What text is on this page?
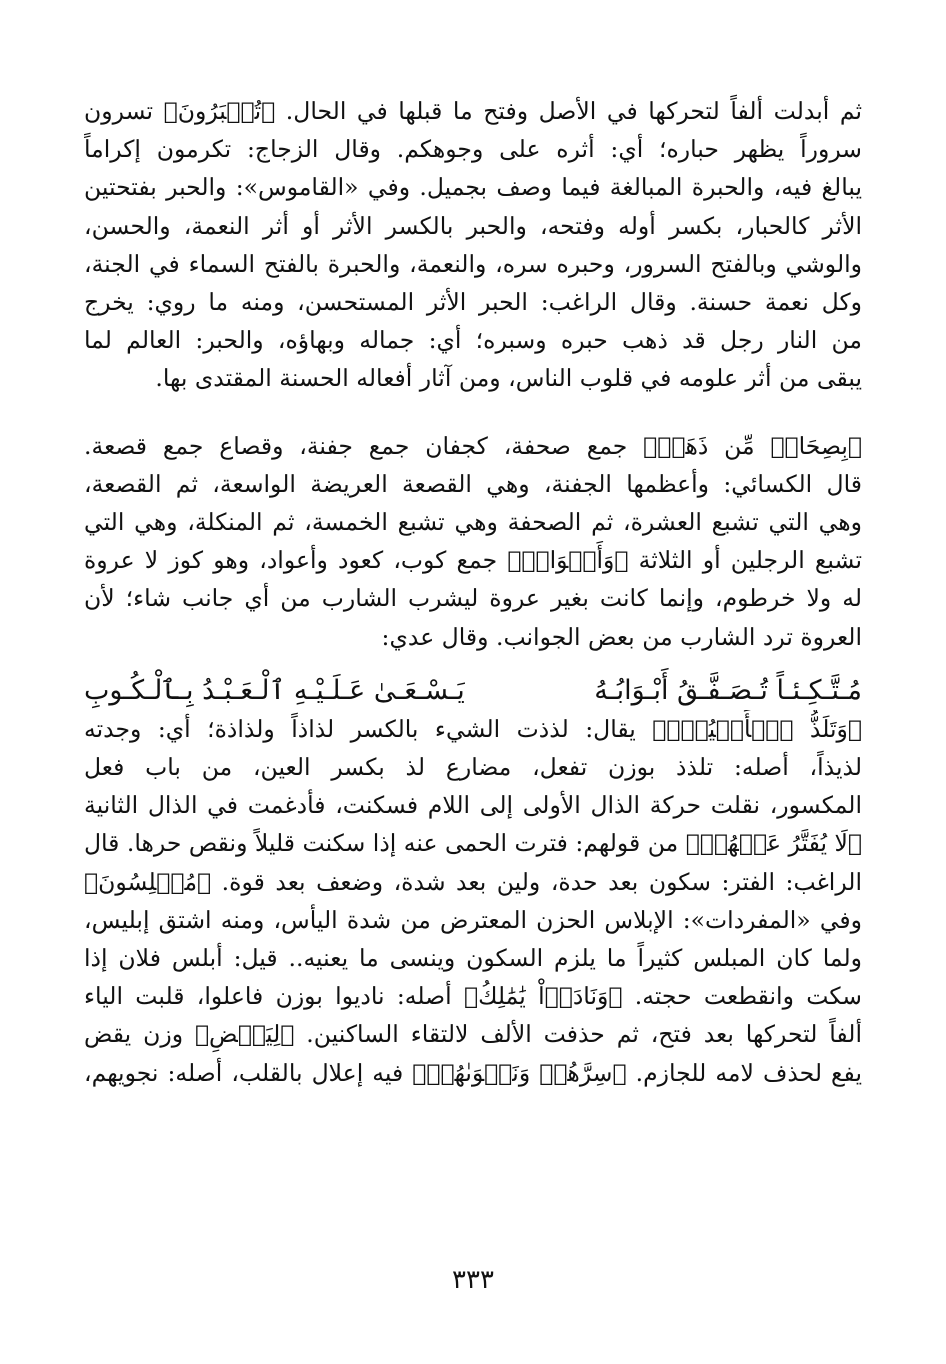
ثم أبدلت ألفاً لتحركها في الأصل وفتح ما قبلها في الحال. ﴿تُحۡبَرُونَ﴾ تسرون
سروراً يظهر حباره؛ أي: أثره على وجوهكم. وقال الزجاج: تكرمون إكراماً
يبالغ فيه، والحبرة المبالغة فيما وصف بجميل. وفي «القاموس»: والحبر بفتحتين
الأثر كالحبار، بكسر أوله وفتحه، والحبر بالكسر الأثر أو أثر النعمة، والحسن،
والوشي وبالفتح السرور، وحبره سره، والنعمة، والحبرة بالفتح السماء في الجنة،
وكل نعمة حسنة. وقال الراغب: الحبر الأثر المستحسن، ومنه ما روي: يخرج
من النار رجل قد ذهب حبره وسبره؛ أي: جماله وبهاؤه، والحبر: العالم لما
يبقى من أثر علومه في قلوب الناس، ومن آثار أفعاله الحسنة المقتدى بها.

﴿بِصِحَافٖ مِّن ذَهَبٖ﴾ جمع صحفة، كجفان جمع جفنة، وقصاع جمع قصعة.
قال الكسائي: وأعظمها الجفنة، وهي القصعة العريضة الواسعة، ثم القصعة،
وهي التي تشبع العشرة، ثم الصحفة وهي تشبع الخمسة، ثم المنكلة، وهي التي
تشبع الرجلين أو الثلاثة ﴿وَأَكۡوَابٖ﴾ جمع كوب، كعود وأعواد، وهو كوز لا عروة
له ولا خرطوم، وإنما كانت بغير عروة ليشرب الشارب من أي جانب شاء؛ لأن
العروة ترد الشارب من بعض الجوانب. وقال عدي:

مُـتَّـكِـئـاً تُـصَـفَّـقُ أَبْـوَابُـهُ
يَـسْـعَـىٰ عَـلَـيْـهِ ٱلْـعَـبْـدُ بِـٱلْـكُـوبِ

﴿وَتَلَذُّ ٱلۡأَعۡيُنُۖ﴾ يقال: لذذت الشيء بالكسر لذاذاً ولذاذة؛ أي: وجدته
لذيذاً، أصله: تلذذ بوزن تفعل، مضارع لذ بكسر العين، من باب فعل
المكسور، نقلت حركة الذال الأولى إلى اللام فسكنت، فأدغمت في الذال الثانية
﴿لَا يُفَتَّرُ عَنۡهُمۡ﴾ من قولهم: فترت الحمى عنه إذا سكنت قليلاً ونقص حرها. قال
الراغب: الفتر: سكون بعد حدة، ولين بعد شدة، وضعف بعد قوة. ﴿مُبۡلِسُونَ﴾
وفي «المفردات»: الإبلاس الحزن المعترض من شدة اليأس، ومنه اشتق إبليس،
ولما كان المبلس كثيراً ما يلزم السكون وينسى ما يعنيه.. قيل: أبلس فلان إذا
سكت وانقطعت حجته. ﴿وَنَادَوۡاْ يَٰمَٰلِكُ﴾ أصله: ناديوا بوزن فاعلوا، قلبت الياء
ألفاً لتحركها بعد فتح، ثم حذفت الألف لالتقاء الساكنين. ﴿لِيَقۡضِ﴾ وزن يقض
يفع لحذف لامه للجازم. ﴿سِرَّهُمۡ وَنَجۡوَىٰهُمۚ﴾ فيه إعلال بالقلب، أصله: نجويهم،

٣٣٣
